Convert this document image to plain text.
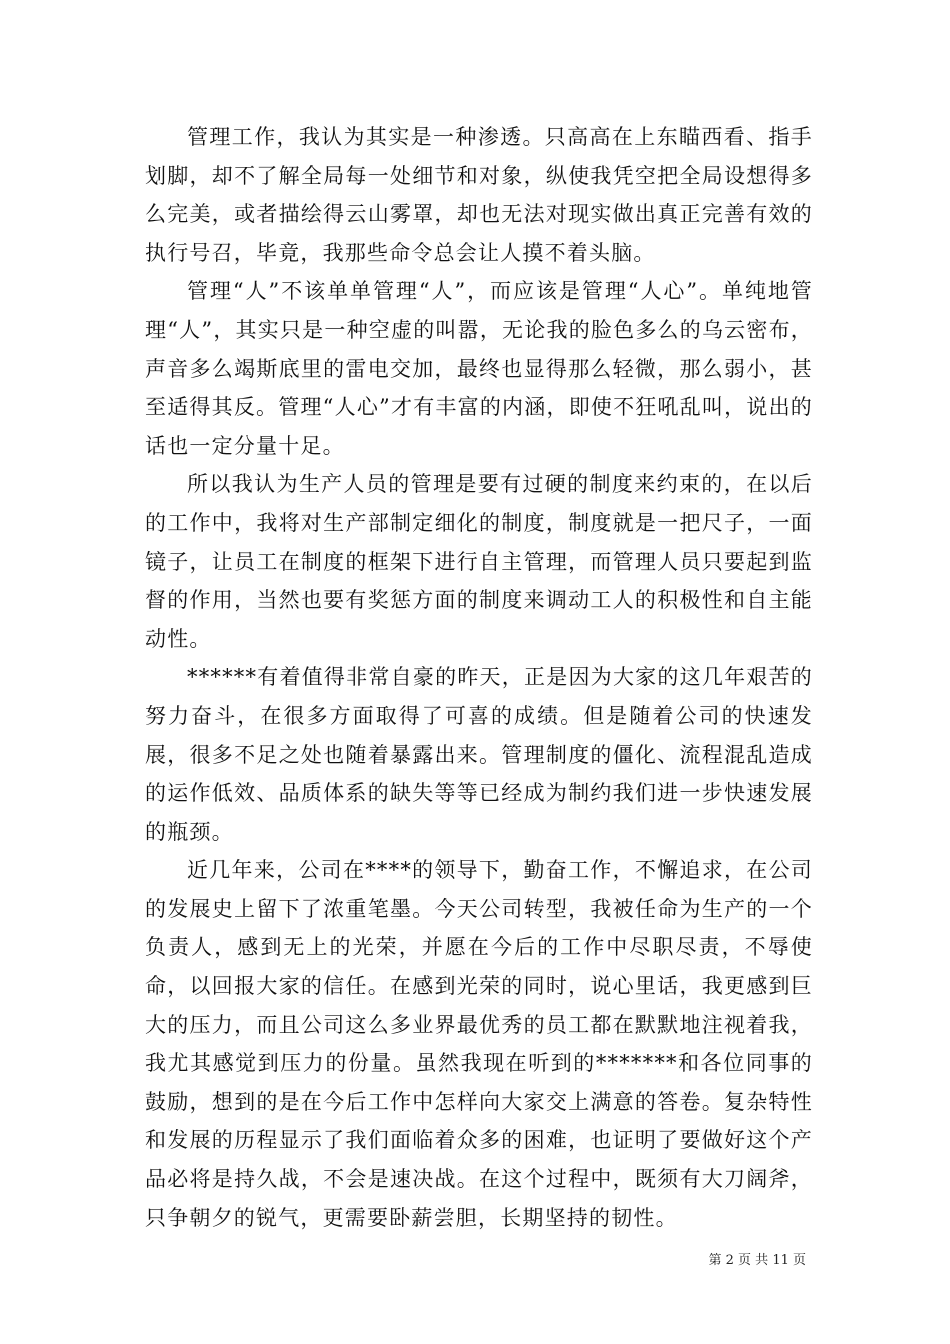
管理工作，我认为其实是一种渗透。只高高在上东瞄西看、指手划脚，却不了解全局每一处细节和对象，纵使我凭空把全局设想得多么完美，或者描绘得云山雾罩，却也无法对现实做出真正完善有效的执行号召，毕竟，我那些命令总会让人摸不着头脑。

管理“人”不该单单管理“人”，而应该是管理“人心”。单纯地管理“人”，其实只是一种空虚的叫嚣，无论我的脸色多么的乌云密布，声音多么竭斯底里的雷电交加，最终也显得那么轻微，那么弱小，甚至适得其反。管理“人心”才有丰富的内涵，即使不狂吼乱叫，说出的话也一定分量十足。

所以我认为生产人员的管理是要有过硬的制度来约束的，在以后的工作中，我将对生产部制定细化的制度，制度就是一把尺子，一面镜子，让员工在制度的框架下进行自主管理，而管理人员只要起到监督的作用，当然也要有奖惩方面的制度来调动工人的积极性和自主能动性。

******有着值得非常自豪的昨天，正是因为大家的这几年艰苦的努力奋斗，在很多方面取得了可喜的成绩。但是随着公司的快速发展，很多不足之处也随着暴露出来。管理制度的僵化、流程混乱造成的运作低效、品质体系的缺失等等已经成为制约我们进一步快速发展的瓶颈。

近几年来，公司在****的领导下，勤奋工作，不懈追求，在公司的发展史上留下了浓重笔墨。今天公司转型，我被任命为生产的一个负责人，感到无上的光荣，并愿在今后的工作中尽职尽责，不辱使命，以回报大家的信任。在感到光荣的同时，说心里话，我更感到巨大的压力，而且公司这么多业界最优秀的员工都在默默地注视着我，我尤其感觉到压力的份量。虽然我现在听到的*******和各位同事的鼓励，想到的是在今后工作中怎样向大家交上满意的答卷。复杂特性和发展的历程显示了我们面临着众多的困难，也证明了要做好这个产品必将是持久战，不会是速决战。在这个过程中，既须有大刀阔斧，只争朝夕的锐气，更需要卧薪尝胆，长期坚持的韧性。

第 2 页 共 11 页
